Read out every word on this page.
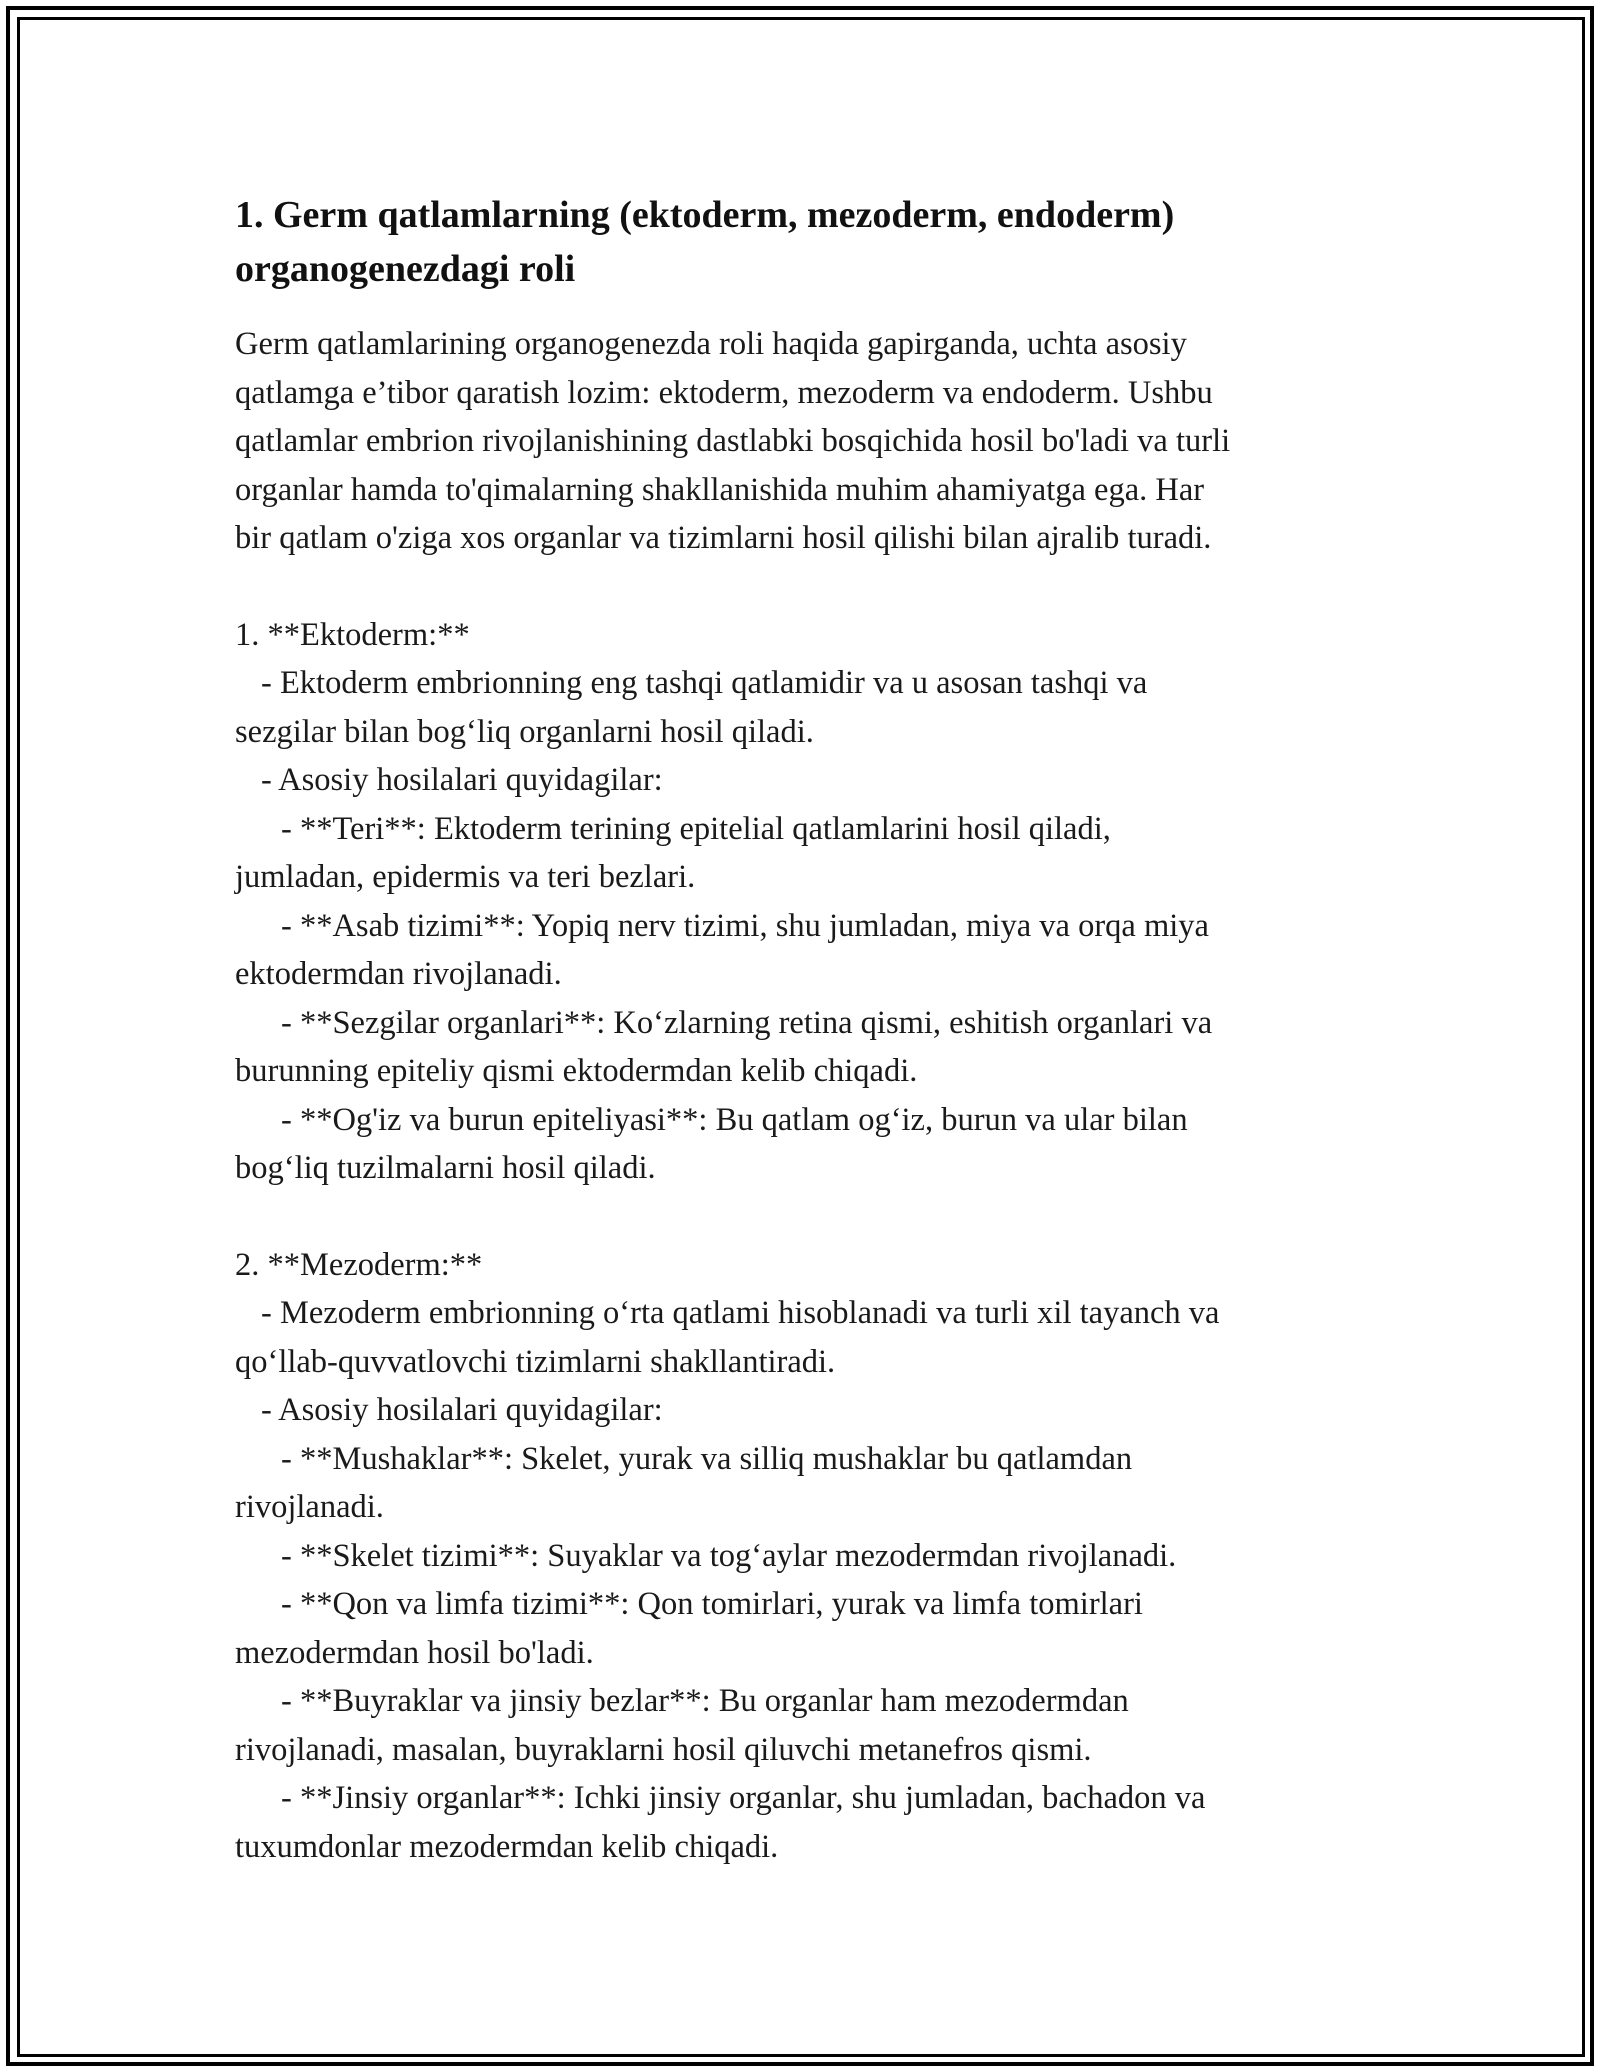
1. Germ qatlamlarning (ektoderm, mezoderm, endoderm)
organogenezdagi roli

Germ qatlamlarining organogenezda roli haqida gapirganda, uchta asosiy

qatlamga e’tibor qaratish lozim: ektoderm, mezoderm va endoderm. Ushbu

qatlamlar embrion rivojlanishining dastlabki bosqichida hosil bo'ladi va turli

organlar hamda to'qimalarning shakllanishida muhim ahamiyatga ega. Har

bir qatlam o'ziga xos organlar va tizimlarni hosil qilishi bilan ajralib turadi.

1. **Ektoderm:**

- Ektoderm embrionning eng tashqi qatlamidir va u asosan tashqi va

sezgilar bilan bog‘liq organlarni hosil qiladi.

- Asosiy hosilalari quyidagilar:

- **Teri**: Ektoderm terining epitelial qatlamlarini hosil qiladi,

jumladan, epidermis va teri bezlari.

- **Asab tizimi**: Yopiq nerv tizimi, shu jumladan, miya va orqa miya

ektodermdan rivojlanadi.

- **Sezgilar organlari**: Ko‘zlarning retina qismi, eshitish organlari va

burunning epiteliy qismi ektodermdan kelib chiqadi.

- **Og'iz va burun epiteliyasi**: Bu qatlam og‘iz, burun va ular bilan

bog‘liq tuzilmalarni hosil qiladi.

2. **Mezoderm:**

- Mezoderm embrionning o‘rta qatlami hisoblanadi va turli xil tayanch va

qo‘llab-quvvatlovchi tizimlarni shakllantiradi.

- Asosiy hosilalari quyidagilar:

- **Mushaklar**: Skelet, yurak va silliq mushaklar bu qatlamdan

rivojlanadi.

- **Skelet tizimi**: Suyaklar va tog‘aylar mezodermdan rivojlanadi.

- **Qon va limfa tizimi**: Qon tomirlari, yurak va limfa tomirlari

mezodermdan hosil bo'ladi.

- **Buyraklar va jinsiy bezlar**: Bu organlar ham mezodermdan

rivojlanadi, masalan, buyraklarni hosil qiluvchi metanefros qismi.

- **Jinsiy organlar**: Ichki jinsiy organlar, shu jumladan, bachadon va

tuxumdonlar mezodermdan kelib chiqadi.
